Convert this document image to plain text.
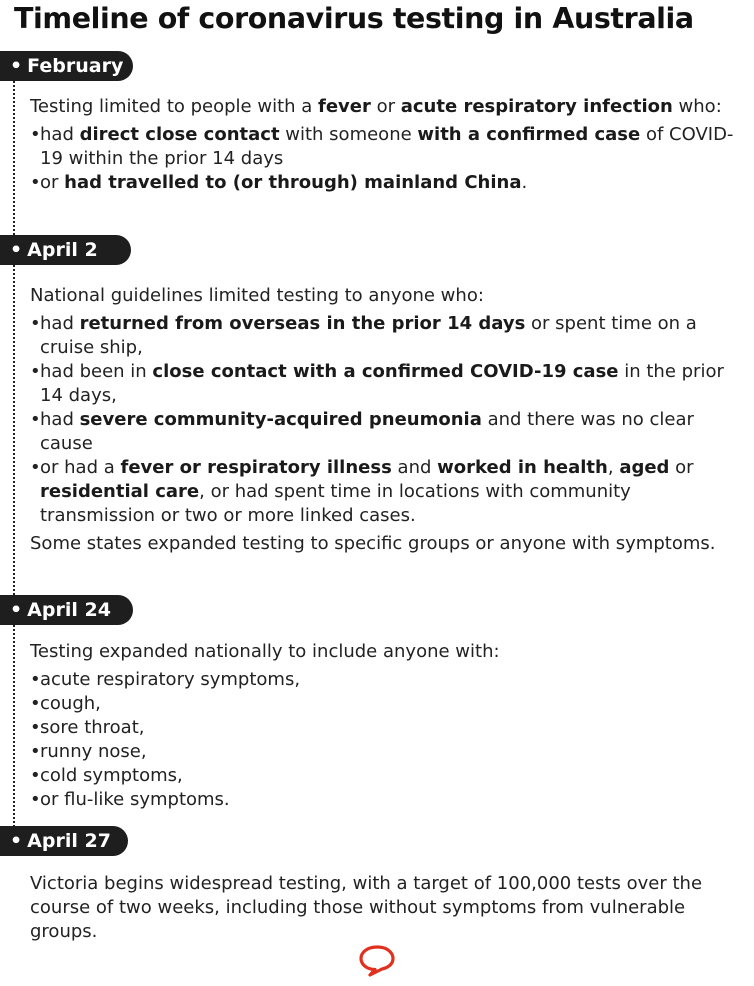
Timeline of coronavirus testing in Australia
• February

Testing limited to people with a fever or acute respiratory infection who:

• had direct close contact with someone with a confirmed case of COVID-19 within the prior 14 days
• or had travelled to (or through) mainland China.
• April 2

National guidelines limited testing to anyone who:

• had returned from overseas in the prior 14 days or spent time on a cruise ship,
• had been in close contact with a confirmed COVID-19 case in the prior 14 days,
• had severe community-acquired pneumonia and there was no clear cause
• or had a fever or respiratory illness and worked in health, aged or residential care, or had spent time in locations with community transmission or two or more linked cases.

Some states expanded testing to specific groups or anyone with symptoms.

• April 24

Testing expanded nationally to include anyone with:

• acute respiratory symptoms,
• cough,
• sore throat,
• runny nose,
• cold symptoms,
• or flu-like symptoms.
• April 27

Victoria begins widespread testing, with a target of 100,000 tests over the course of two weeks, including those without symptoms from vulnerable groups.
